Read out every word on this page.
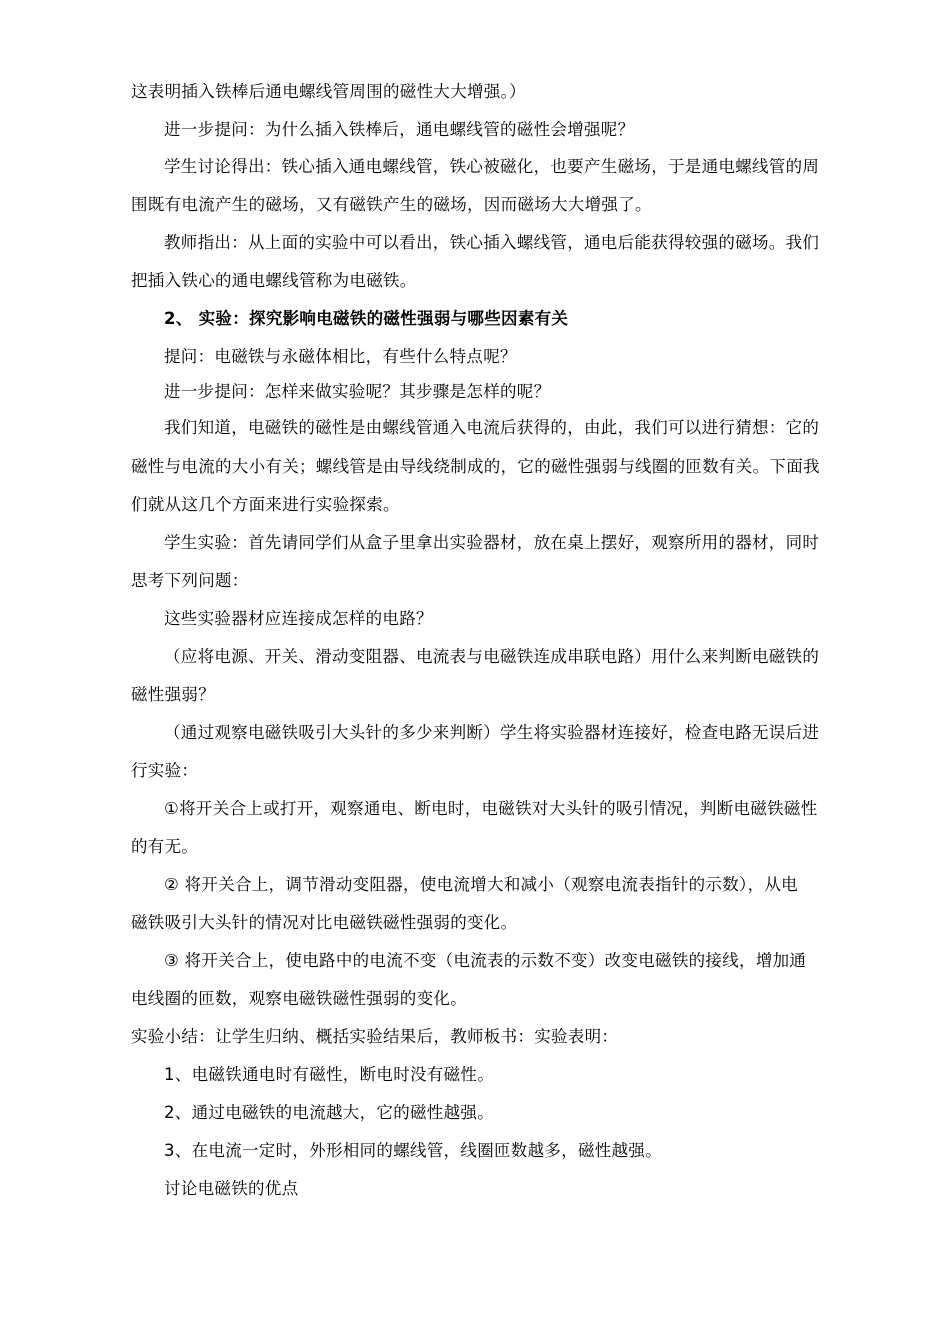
这表明插入铁棒后通电螺线管周围的磁性大大增强。）
进一步提问：为什么插入铁棒后，通电螺线管的磁性会增强呢？
学生讨论得出：铁心插入通电螺线管，铁心被磁化，也要产生磁场，于是通电螺线管的周
围既有电流产生的磁场，又有磁铁产生的磁场，因而磁场大大增强了。
教师指出：从上面的实验中可以看出，铁心插入螺线管，通电后能获得较强的磁场。我们
把插入铁心的通电螺线管称为电磁铁。
2、 实验：探究影响电磁铁的磁性强弱与哪些因素有关
提问：电磁铁与永磁体相比，有些什么特点呢？
进一步提问：怎样来做实验呢？其步骤是怎样的呢？
我们知道，电磁铁的磁性是由螺线管通入电流后获得的，由此，我们可以进行猜想：它的
磁性与电流的大小有关；螺线管是由导线绕制成的，它的磁性强弱与线圈的匝数有关。下面我
们就从这几个方面来进行实验探索。
学生实验：首先请同学们从盒子里拿出实验器材，放在桌上摆好，观察所用的器材，同时
思考下列问题：
这些实验器材应连接成怎样的电路？
（应将电源、开关、滑动变阻器、电流表与电磁铁连成串联电路）用什么来判断电磁铁的
磁性强弱？
（通过观察电磁铁吸引大头针的多少来判断）学生将实验器材连接好，检查电路无误后进
行实验：
①将开关合上或打开，观察通电、断电时，电磁铁对大头针的吸引情况，判断电磁铁磁性
的有无。
② 将开关合上，调节滑动变阻器，使电流增大和减小（观察电流表指针的示数），从电
磁铁吸引大头针的情况对比电磁铁磁性强弱的变化。
③ 将开关合上，使电路中的电流不变（电流表的示数不变）改变电磁铁的接线，增加通
电线圈的匝数，观察电磁铁磁性强弱的变化。
实验小结：让学生归纳、概括实验结果后，教师板书：实验表明：
1、电磁铁通电时有磁性，断电时没有磁性。
2、通过电磁铁的电流越大，它的磁性越强。
3、在电流一定时，外形相同的螺线管，线圈匝数越多，磁性越强。
讨论电磁铁的优点
